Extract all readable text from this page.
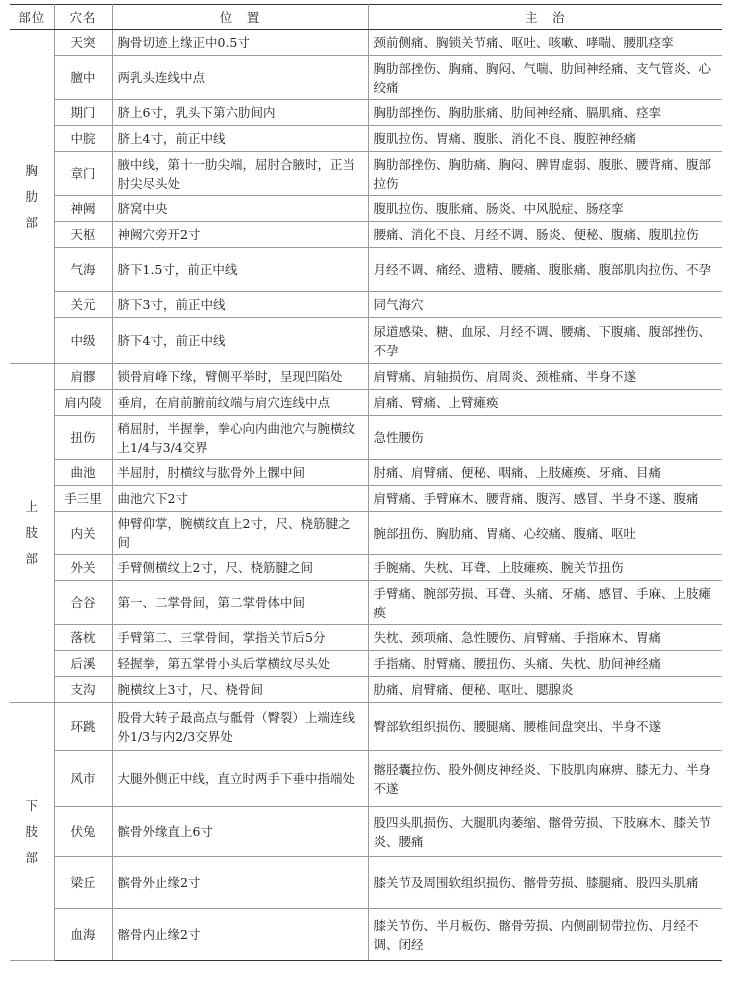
部位	穴名	位　置	主　治

胸肋部	天突	胸骨切迹上缘正中0.5寸	颈前侧痛、胸锁关节痛、呕吐、咳嗽、哮喘、腰肌痉挛
	膻中	两乳头连线中点	胸肋部挫伤、胸痛、胸闷、气喘、肋间神经痛、支气管炎、心绞痛
	期门	脐上6寸，乳头下第六肋间内	胸肋部挫伤、胸肋胀痛、肋间神经痛、膈肌痛、痉挛
	中脘	脐上4寸，前正中线	腹肌拉伤、胃痛、腹胀、消化不良、腹腔神经痛
	章门	腋中线，第十一肋尖端，屈肘合腋时，正当肘尖尽头处	胸肋部挫伤、胸肋痛、胸闷、脾胃虚弱、腹胀、腰背痛、腹部拉伤
	神阙	脐窝中央	腹肌拉伤、腹胀痛、肠炎、中风脱症、肠痉挛
	天枢	神阙穴旁开2寸	腰痛、消化不良、月经不调、肠炎、便秘、腹痛、腹肌拉伤
	气海	脐下1.5寸，前正中线	月经不调、痛经、遗精、腰痛、腹胀痛、腹部肌肉拉伤、不孕
	关元	脐下3寸，前正中线	同气海穴
	中级	脐下4寸，前正中线	尿道感染、糖、血尿、月经不调、腰痛、下腹痛、腹部挫伤、不孕

上肢部	肩髎	锁骨肩峰下缘，臂侧平举时，呈现凹陷处	肩臂痛、肩轴损伤、肩周炎、颈椎痛、半身不遂
	肩内陵	垂肩，在肩前腑前纹端与肩穴连线中点	肩痛、臂痛、上臂瘫痪
	扭伤	稍屈肘，半握拳，拳心向内曲池穴与腕横纹上1/4与3/4交界	急性腰伤
	曲池	半屈肘，肘横纹与肱骨外上髁中间	肘痛、肩臂痛、便秘、咽痛、上肢瘫痪、牙痛、目痛
	手三里	曲池穴下2寸	肩臂痛、手臂麻木、腰背痛、腹泻、感冒、半身不遂、腹痛
	内关	伸臂仰掌，腕横纹直上2寸，尺、桡筋腱之间	腕部扭伤、胸肋痛、胃痛、心绞痛、腹痛、呕吐
	外关	手臂侧横纹上2寸，尺、桡筋腱之间	手腕痛、失枕、耳聋、上肢瘫痪、腕关节扭伤
	合谷	第一、二掌骨间，第二掌骨体中间	手臂痛、腕部劳损、耳聋、头痛、牙痛、感冒、手麻、上肢瘫痪
	落枕	手臂第二、三掌骨间，掌指关节后5分	失枕、颈项痛、急性腰伤、肩臂痛、手指麻木、胃痛
	后溪	轻握拳，第五掌骨小头后掌横纹尽头处	手指痛、肘臂痛、腰扭伤、头痛、失枕、肋间神经痛
	支沟	腕横纹上3寸，尺、桡骨间	肋痛、肩臂痛、便秘、呕吐、腮腺炎

下肢部	环跳	股骨大转子最高点与骶骨（臀裂）上端连线外1/3与内2/3交界处	臀部软组织损伤、腰腿痛、腰椎间盘突出、半身不遂
	风市	大腿外侧正中线，直立时两手下垂中指端处	髂胫囊拉伤、股外侧皮神经炎、下肢肌肉麻痹、膝无力、半身不遂
	伏兔	髌骨外缘直上6寸	股四头肌损伤、大腿肌肉萎缩、髂骨劳损、下肢麻木、膝关节炎、腰痛
	梁丘	髌骨外止缘2寸	膝关节及周围软组织损伤、髂骨劳损、膝腿痛、股四头肌痛
	血海	髂骨内止缘2寸	膝关节伤、半月板伤、髂骨劳损、内侧副韧带拉伤、月经不调、闭经
